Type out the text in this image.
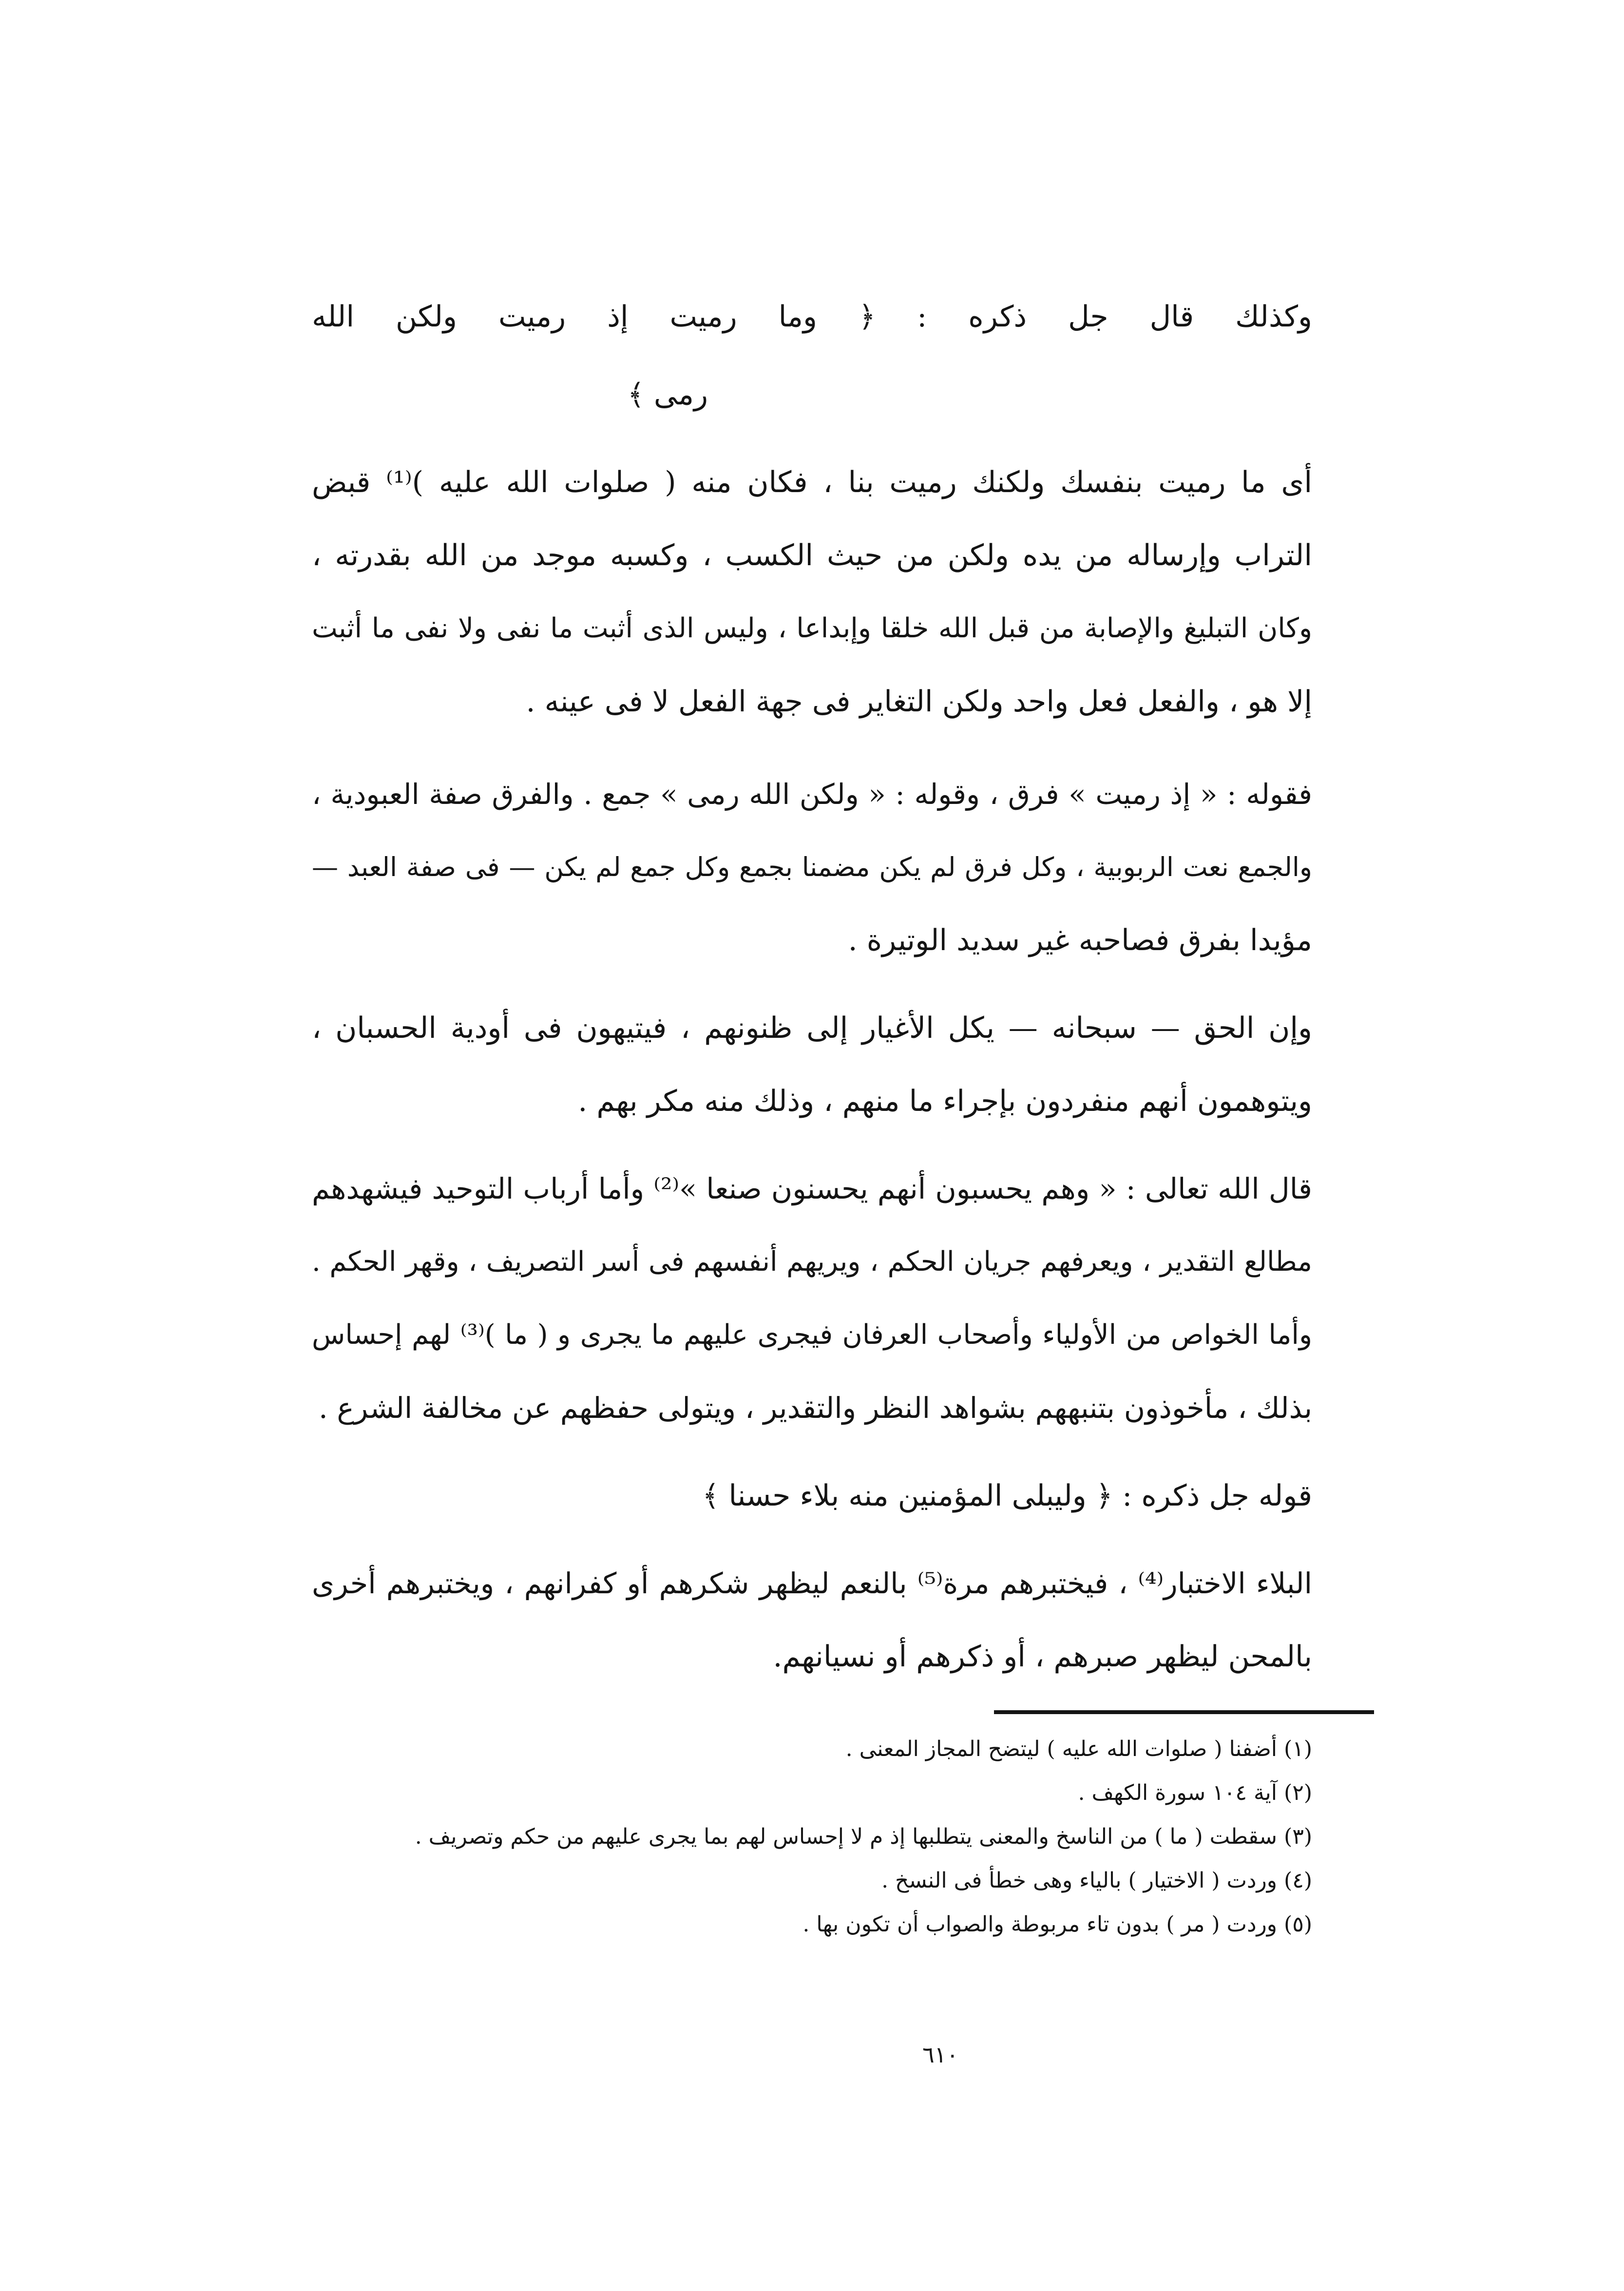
وكذلك قال جل ذكره : ﴿ وما رميت إذ رميت ولكن الله
رمى ﴾
أى ما رميت بنفسك ولكنك رميت بنا ، فكان منه ( صلوات الله عليه )⁽¹⁾ قبض
التراب وإرساله من يده ولكن من حيث الكسب ، وكسبه موجد من الله بقدرته ،
وكان التبليغ والإصابة من قبل الله خلقا وإبداعا ، وليس الذى أثبت ما نفى ولا نفى ما أثبت
إلا هو ، والفعل فعل واحد ولكن التغاير فى جهة الفعل لا فى عينه .
فقوله : « إذ رميت » فرق ، وقوله : « ولكن الله رمى » جمع . والفرق صفة العبودية ،
والجمع نعت الربوبية ، وكل فرق لم يكن مضمنا بجمع وكل جمع لم يكن — فى صفة العبد —
مؤيدا بفرق فصاحبه غير سديد الوتيرة .
وإن الحق — سبحانه — يكل الأغيار إلى ظنونهم ، فيتيهون فى أودية الحسبان ،
ويتوهمون أنهم منفردون بإجراء ما منهم ، وذلك منه مكر بهم .
قال الله تعالى : « وهم يحسبون أنهم يحسنون صنعا »⁽²⁾ وأما أرباب التوحيد فيشهدهم
مطالع التقدير ، ويعرفهم جريان الحكم ، ويريهم أنفسهم فى أسر التصريف ، وقهر الحكم .
وأما الخواص من الأولياء وأصحاب العرفان فيجرى عليهم ما يجرى و ( ما )⁽³⁾ لهم إحساس
بذلك ، مأخوذون بتنبههم بشواهد النظر والتقدير ، ويتولى حفظهم عن مخالفة الشرع .
قوله جل ذكره : ﴿ وليبلى المؤمنين منه بلاء حسنا ﴾
البلاء الاختبار⁽⁴⁾ ، فيختبرهم مرة⁽⁵⁾ بالنعم ليظهر شكرهم أو كفرانهم ، ويختبرهم أخرى
بالمحن ليظهر صبرهم ، أو ذكرهم أو نسيانهم.
(١) أضفنا ( صلوات الله عليه ) ليتضح المجاز المعنى .
(٢) آية ١٠٤ سورة الكهف .
(٣) سقطت ( ما ) من الناسخ والمعنى يتطلبها إذ م لا إحساس لهم بما يجرى عليهم من حكم وتصريف .
(٤) وردت ( الاختيار ) بالياء وهى خطأ فى النسخ .
(٥) وردت ( مر ) بدون تاء مربوطة والصواب أن تكون بها .
٦١٠
